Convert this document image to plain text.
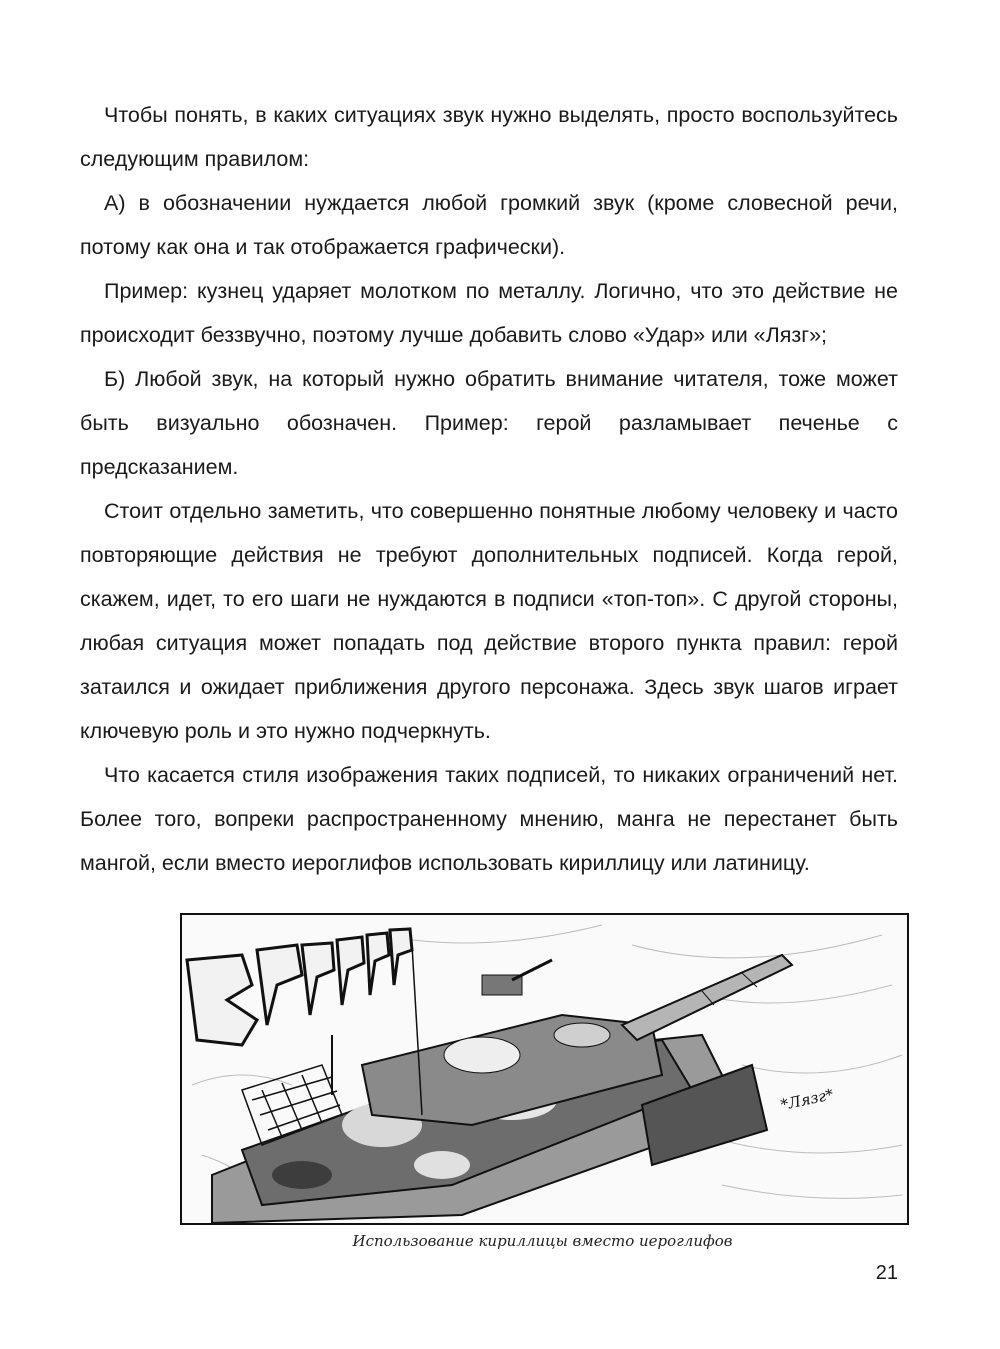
Чтобы понять, в каких ситуациях звук нужно выделять, просто воспользуйтесь следующим правилом:

А) в обозначении нуждается любой громкий звук (кроме словесной речи, потому как она и так отображается графически).

Пример: кузнец ударяет молотком по металлу. Логично, что это действие не происходит беззвучно, поэтому лучше добавить слово «Удар» или «Лязг»;

Б) Любой звук, на который нужно обратить внимание читателя, тоже может быть визуально обозначен. Пример: герой разламывает печенье с предсказанием.

Стоит отдельно заметить, что совершенно понятные любому человеку и часто повторяющие действия не требуют дополнительных подписей. Когда герой, скажем, идет, то его шаги не нуждаются в подписи «топ-топ». С другой стороны, любая ситуация может попадать под действие второго пункта правил: герой затаился и ожидает приближения другого персонажа. Здесь звук шагов играет ключевую роль и это нужно подчеркнуть.

Что касается стиля изображения таких подписей, то никаких ограничений нет. Более того, вопреки распространенному мнению, манга не перестанет быть мангой, если вместо иероглифов использовать кириллицу или латиницу.

*Лязг*
Использование кириллицы вместо иероглифов
21
